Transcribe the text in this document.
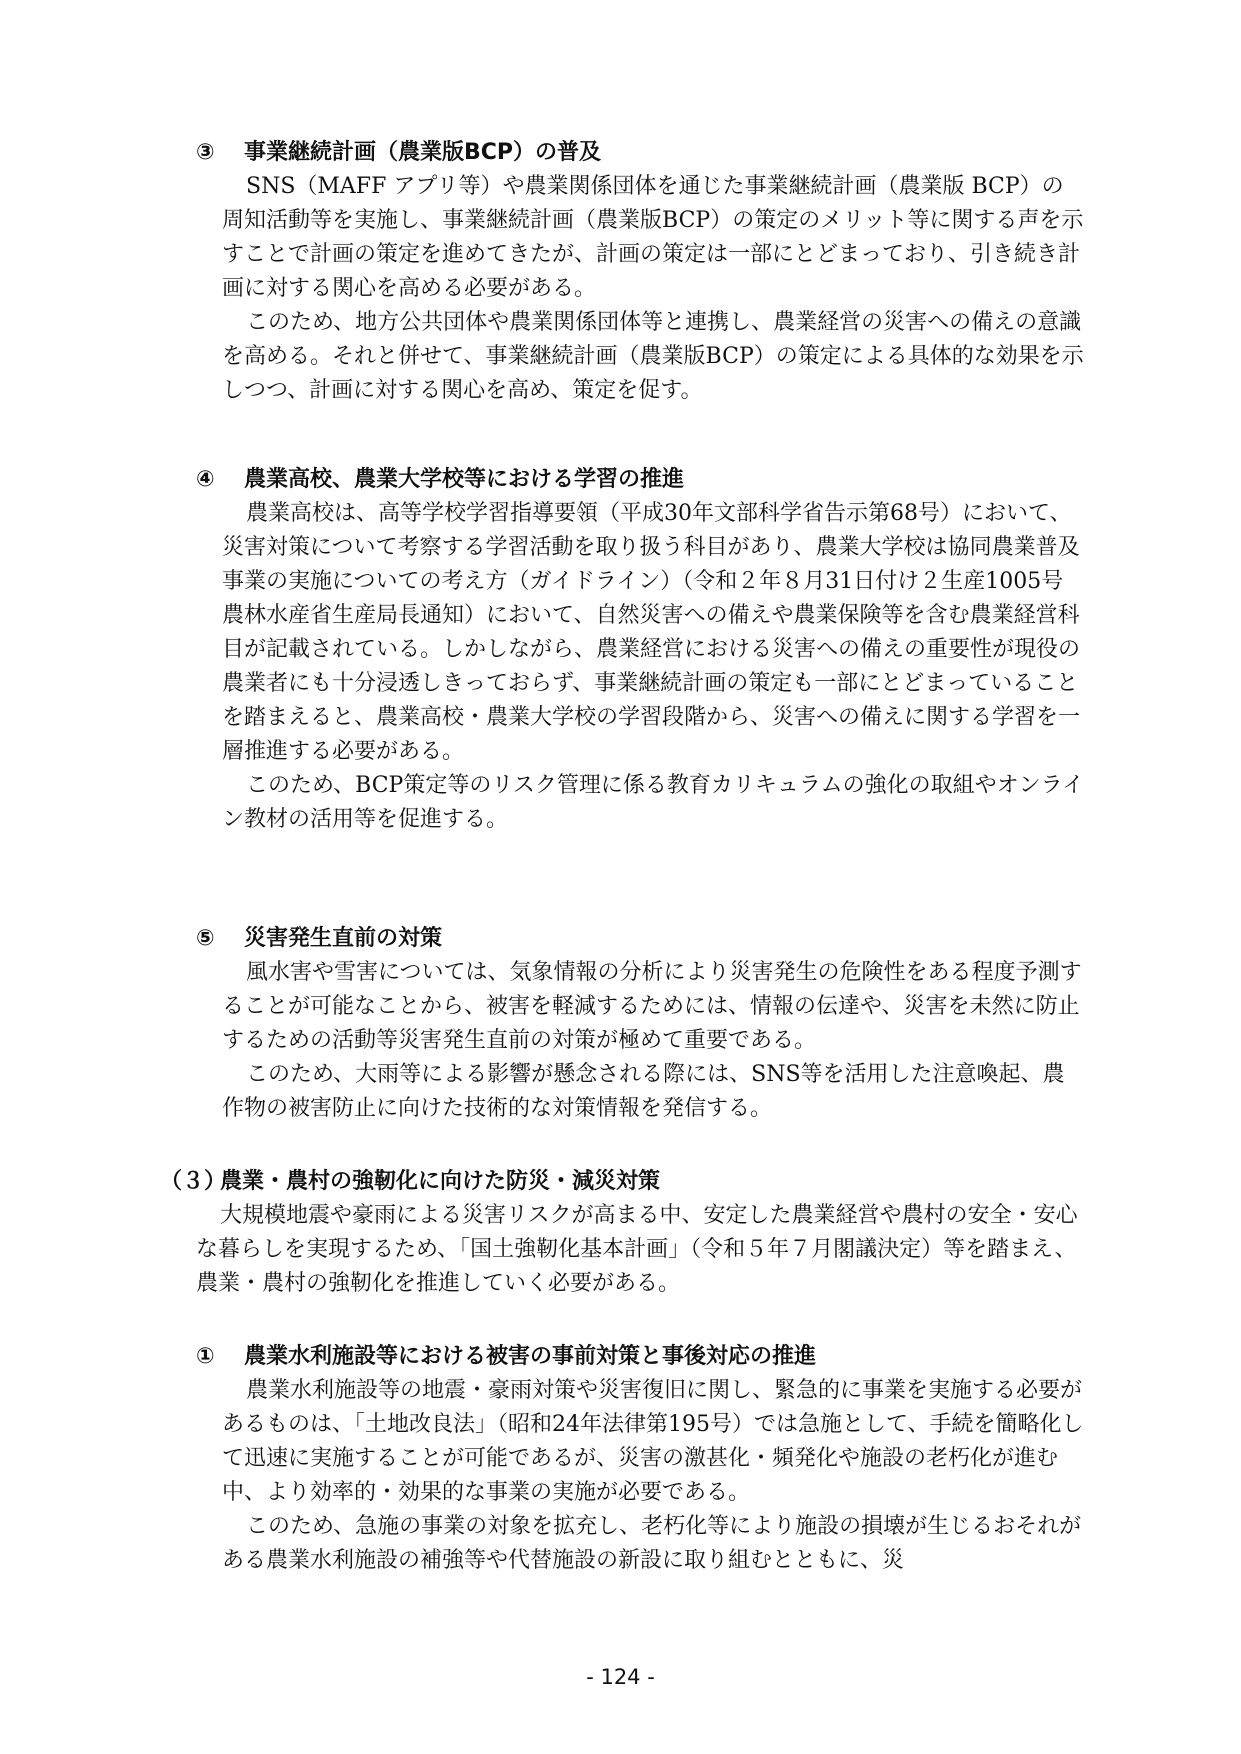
③ 事業継続計画（農業版BCP）の普及

SNS（MAFF アプリ等）や農業関係団体を通じた事業継続計画（農業版 BCP）の周知活動等を実施し、事業継続計画（農業版BCP）の策定のメリット等に関する声を示すことで計画の策定を進めてきたが、計画の策定は一部にとどまっており、引き続き計画に対する関心を高める必要がある。

このため、地方公共団体や農業関係団体等と連携し、農業経営の災害への備えの意識を高める。それと併せて、事業継続計画（農業版BCP）の策定による具体的な効果を示しつつ、計画に対する関心を高め、策定を促す。

④ 農業高校、農業大学校等における学習の推進

農業高校は、高等学校学習指導要領（平成30年文部科学省告示第68号）において、災害対策について考察する学習活動を取り扱う科目があり、農業大学校は協同農業普及事業の実施についての考え方（ガイドライン）（令和２年８月31日付け２生産1005号農林水産省生産局長通知）において、自然災害への備えや農業保険等を含む農業経営科目が記載されている。しかしながら、農業経営における災害への備えの重要性が現役の農業者にも十分浸透しきっておらず、事業継続計画の策定も一部にとどまっていることを踏まえると、農業高校・農業大学校の学習段階から、災害への備えに関する学習を一層推進する必要がある。

このため、BCP策定等のリスク管理に係る教育カリキュラムの強化の取組やオンライン教材の活用等を促進する。

⑤ 災害発生直前の対策

風水害や雪害については、気象情報の分析により災害発生の危険性をある程度予測することが可能なことから、被害を軽減するためには、情報の伝達や、災害を未然に防止するための活動等災害発生直前の対策が極めて重要である。

このため、大雨等による影響が懸念される際には、SNS等を活用した注意喚起、農作物の被害防止に向けた技術的な対策情報を発信する。

（３）農業・農村の強靭化に向けた防災・減災対策

大規模地震や豪雨による災害リスクが高まる中、安定した農業経営や農村の安全・安心な暮らしを実現するため、「国土強靭化基本計画」（令和５年７月閣議決定）等を踏まえ、農業・農村の強靭化を推進していく必要がある。

① 農業水利施設等における被害の事前対策と事後対応の推進

農業水利施設等の地震・豪雨対策や災害復旧に関し、緊急的に事業を実施する必要があるものは、「土地改良法」（昭和24年法律第195号）では急施として、手続を簡略化して迅速に実施することが可能であるが、災害の激甚化・頻発化や施設の老朽化が進む中、より効率的・効果的な事業の実施が必要である。

このため、急施の事業の対象を拡充し、老朽化等により施設の損壊が生じるおそれがある農業水利施設の補強等や代替施設の新設に取り組むとともに、災

- 124 -
